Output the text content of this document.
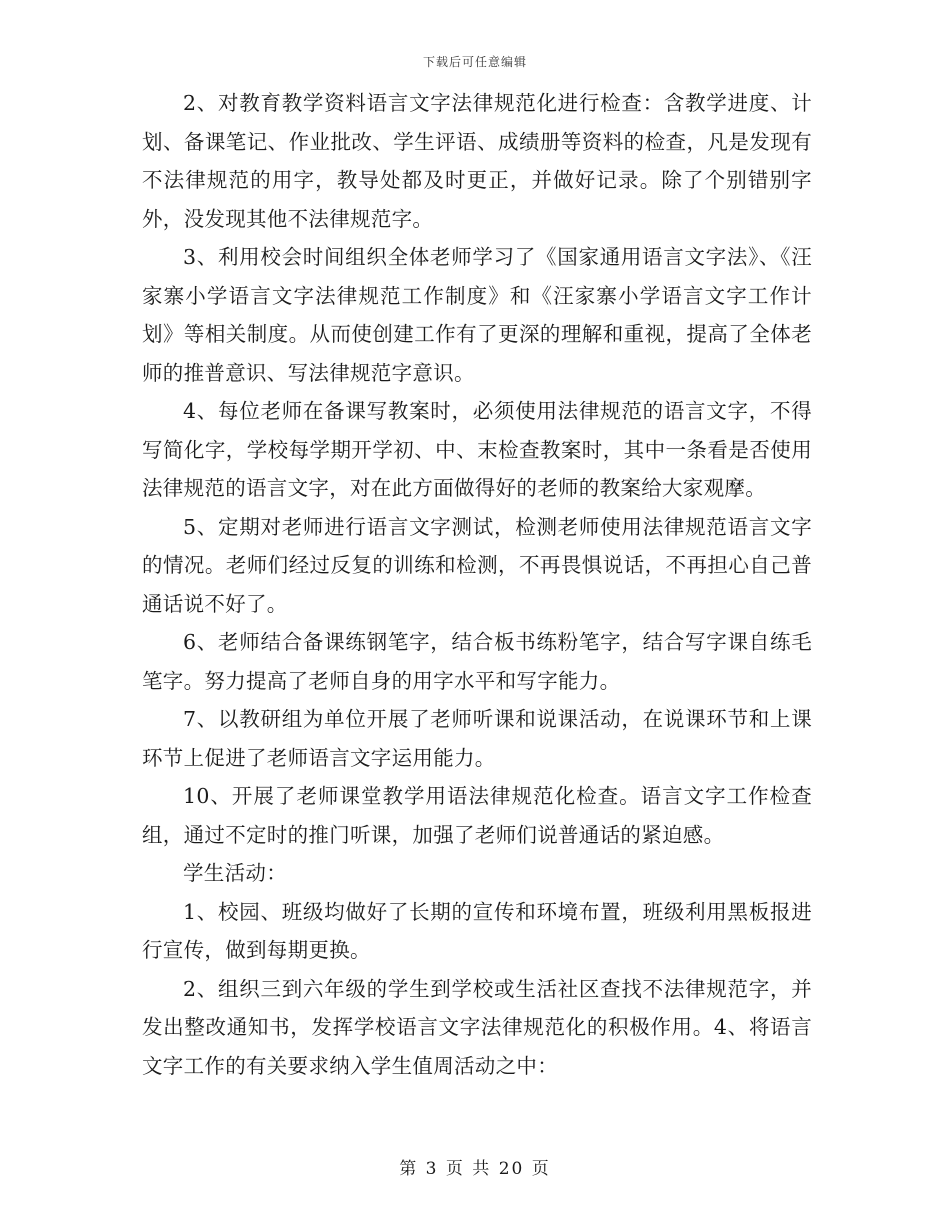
下载后可任意编辑

2、对教育教学资料语言文字法律规范化进行检查：含教学进度、计划、备课笔记、作业批改、学生评语、成绩册等资料的检查，凡是发现有不法律规范的用字，教导处都及时更正，并做好记录。除了个别错别字外，没发现其他不法律规范字。

3、利用校会时间组织全体老师学习了《国家通用语言文字法》、《汪家寨小学语言文字法律规范工作制度》和《汪家寨小学语言文字工作计划》等相关制度。从而使创建工作有了更深的理解和重视，提高了全体老师的推普意识、写法律规范字意识。

4、每位老师在备课写教案时，必须使用法律规范的语言文字，不得写简化字，学校每学期开学初、中、末检查教案时，其中一条看是否使用法律规范的语言文字，对在此方面做得好的老师的教案给大家观摩。

5、定期对老师进行语言文字测试，检测老师使用法律规范语言文字的情况。老师们经过反复的训练和检测，不再畏惧说话，不再担心自己普通话说不好了。

6、老师结合备课练钢笔字，结合板书练粉笔字，结合写字课自练毛笔字。努力提高了老师自身的用字水平和写字能力。

7、以教研组为单位开展了老师听课和说课活动，在说课环节和上课环节上促进了老师语言文字运用能力。

10、开展了老师课堂教学用语法律规范化检查。语言文字工作检查组，通过不定时的推门听课，加强了老师们说普通话的紧迫感。

学生活动：

1、校园、班级均做好了长期的宣传和环境布置，班级利用黑板报进行宣传，做到每期更换。

2、组织三到六年级的学生到学校或生活社区查找不法律规范字，并发出整改通知书，发挥学校语言文字法律规范化的积极作用。4、将语言文字工作的有关要求纳入学生值周活动之中：

第 3 页 共 20 页
